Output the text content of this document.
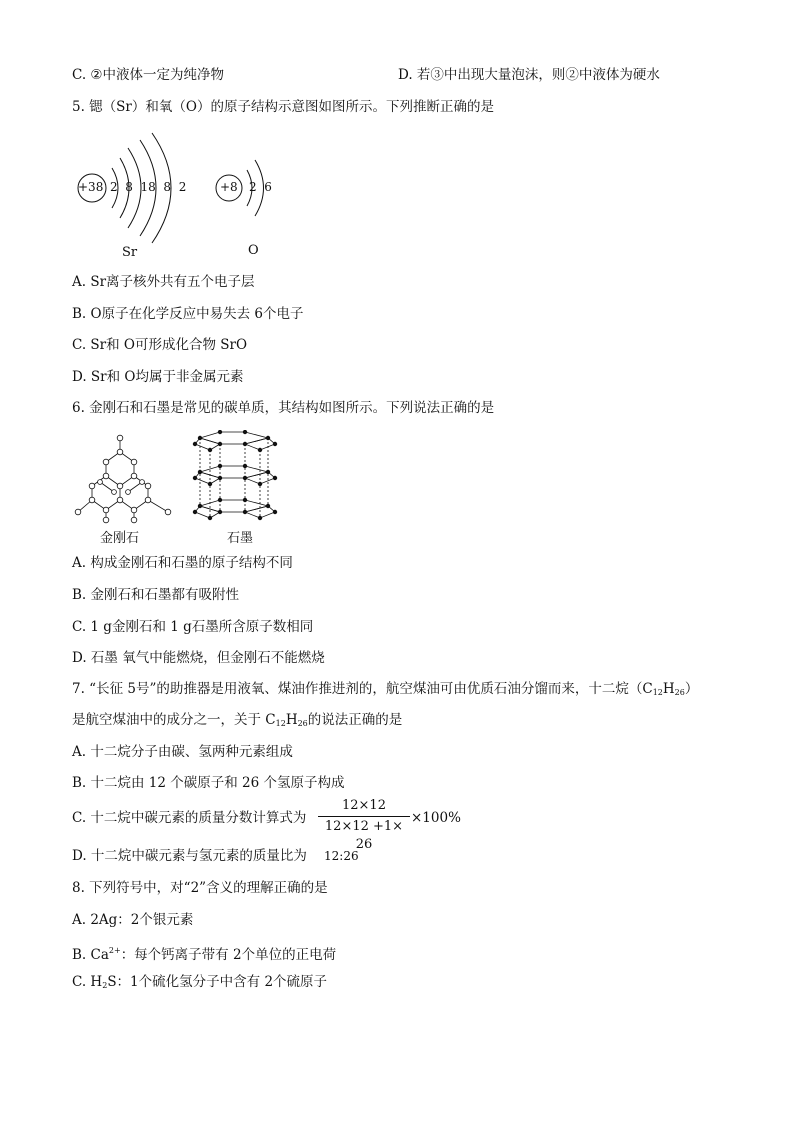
C. ②中液体一定为纯净物	D. 若③中出现大量泡沫，则②中液体为硬水
5. 锶（Sr）和氧（O）的原子结构示意图如图所示。下列推断正确的是
+38 2  8  18  8  2
Sr
+8 2  6
O
A. Sr离子核外共有五个电子层
B. O原子在化学反应中易失去 6个电子
C. Sr和 O可形成化合物 SrO
D. Sr和 O均属于非金属元素
6. 金刚石和石墨是常见的碳单质，其结构如图所示。下列说法正确的是
金刚石	石墨
A. 构成金刚石和石墨的原子结构不同
B. 金刚石和石墨都有吸附性
C. 1 g金刚石和 1 g石墨所含原子数相同
D. 石墨 氧气中能燃烧，但金刚石不能燃烧
7. “长征 5号”的助推器是用液氧、煤油作推进剂的，航空煤油可由优质石油分馏而来，十二烷$(C_{12}H_{26})$
是航空煤油中的成分之一，关于 $C_{12}H_{26}$的说法正确的是
A. 十二烷分子由碳、氢两种元素组成
B. 十二烷由 12 个碳原子和 26 个氢原子构成
C. 十二烷中碳元素的质量分数计算式为
12×12
12×12 +1× 26
×100%
D. 十二烷中碳元素与氢元素的质量比为 12:26
8. 下列符号中，对“2”含义的理解正确的是
A. 2Ag：2个银元素
B. $Ca^{2+}$：每个钙离子带有 2个单位的正电荷
C. $H_2S$：1个硫化氢分子中含有 2个硫原子
